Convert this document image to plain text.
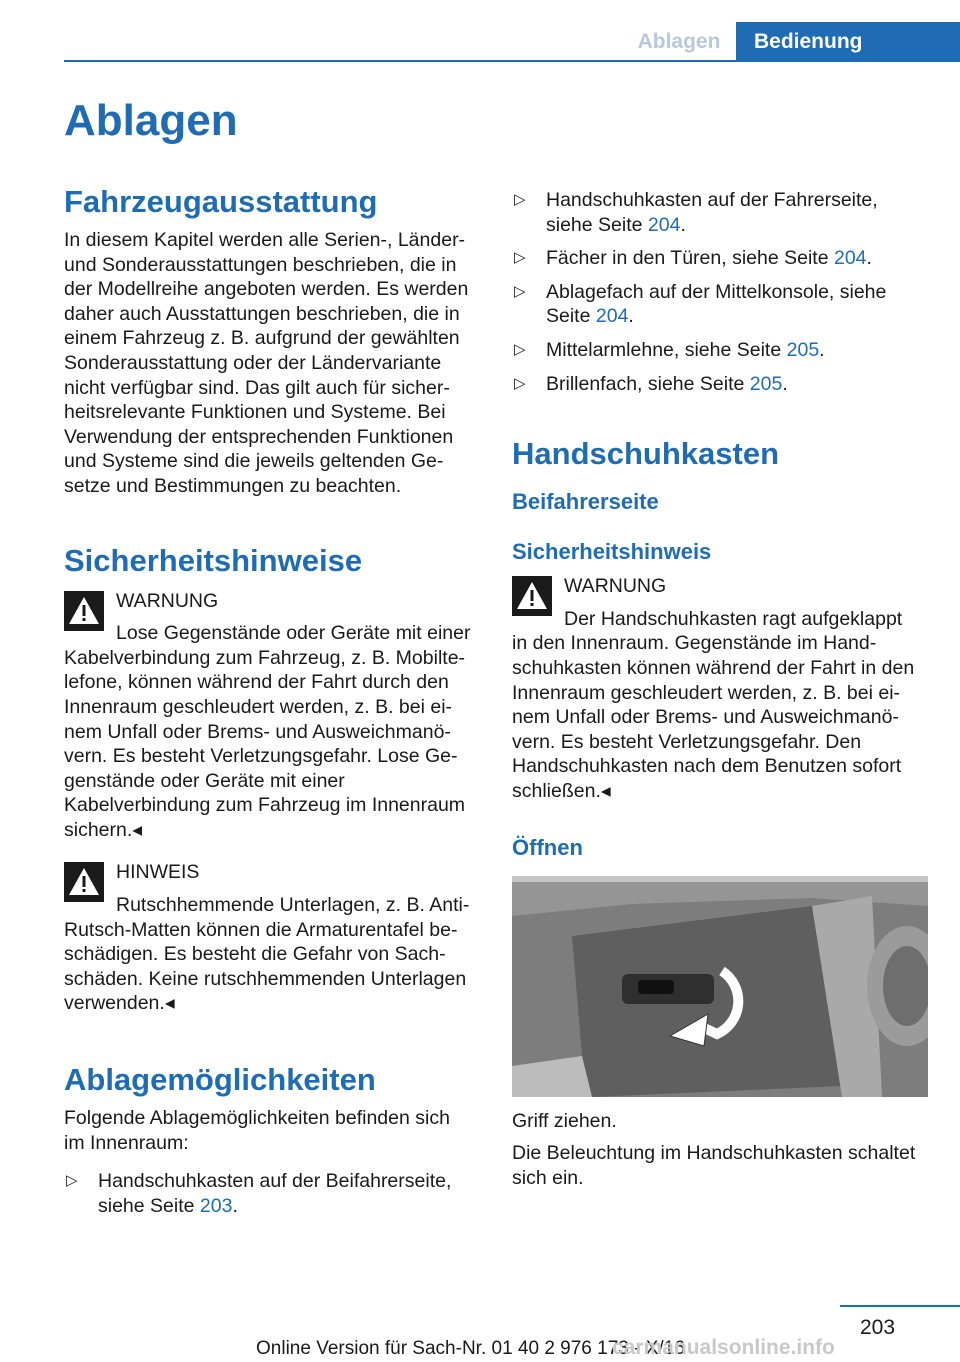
Ablagen	Bedienung
Ablagen
Fahrzeugausstattung

In diesem Kapitel werden alle Serien-, Länder-

und Sonderausstattungen beschrieben, die in

der Modellreihe angeboten werden. Es werden

daher auch Ausstattungen beschrieben, die in

einem Fahrzeug z. B. aufgrund der gewählten

Sonderausstattung oder der Ländervariante

nicht verfügbar sind. Das gilt auch für sicher-

heitsrelevante Funktionen und Systeme. Bei

Verwendung der entsprechenden Funktionen

und Systeme sind die jeweils geltenden Ge-

setze und Bestimmungen zu beachten.

Sicherheitshinweise

WARNUNG

Lose Gegenstände oder Geräte mit einer

Kabelverbindung zum Fahrzeug, z. B. Mobilte-

lefone, können während der Fahrt durch den

Innenraum geschleudert werden, z. B. bei ei-

nem Unfall oder Brems- und Ausweichmanö-

vern. Es besteht Verletzungsgefahr. Lose Ge-

genstände oder Geräte mit einer

Kabelverbindung zum Fahrzeug im Innenraum

sichern.◂

HINWEIS

Rutschhemmende Unterlagen, z. B. Anti-

Rutsch-Matten können die Armaturentafel be-

schädigen. Es besteht die Gefahr von Sach-

schäden. Keine rutschhemmenden Unterlagen

verwenden.◂

Ablagemöglichkeiten

Folgende Ablagemöglichkeiten befinden sich

im Innenraum:

▷ Handschuhkasten auf der Beifahrerseite,
siehe Seite 203.
▷ Handschuhkasten auf der Fahrerseite,
siehe Seite 204.
▷ Fächer in den Türen, siehe Seite 204.
▷ Ablagefach auf der Mittelkonsole, siehe
Seite 204.
▷ Mittelarmlehne, siehe Seite 205.
▷ Brillenfach, siehe Seite 205.
Handschuhkasten
Beifahrerseite
Sicherheitshinweis

WARNUNG

Der Handschuhkasten ragt aufgeklappt

in den Innenraum. Gegenstände im Hand-

schuhkasten können während der Fahrt in den

Innenraum geschleudert werden, z. B. bei ei-

nem Unfall oder Brems- und Ausweichmanö-

vern. Es besteht Verletzungsgefahr. Den

Handschuhkasten nach dem Benutzen sofort

schließen.◂

Öffnen

Griff ziehen.

Die Beleuchtung im Handschuhkasten schaltet

sich ein.

203
Online Version für Sach-Nr. 01 40 2 976 173 - X/16
carmanualsonline.info
